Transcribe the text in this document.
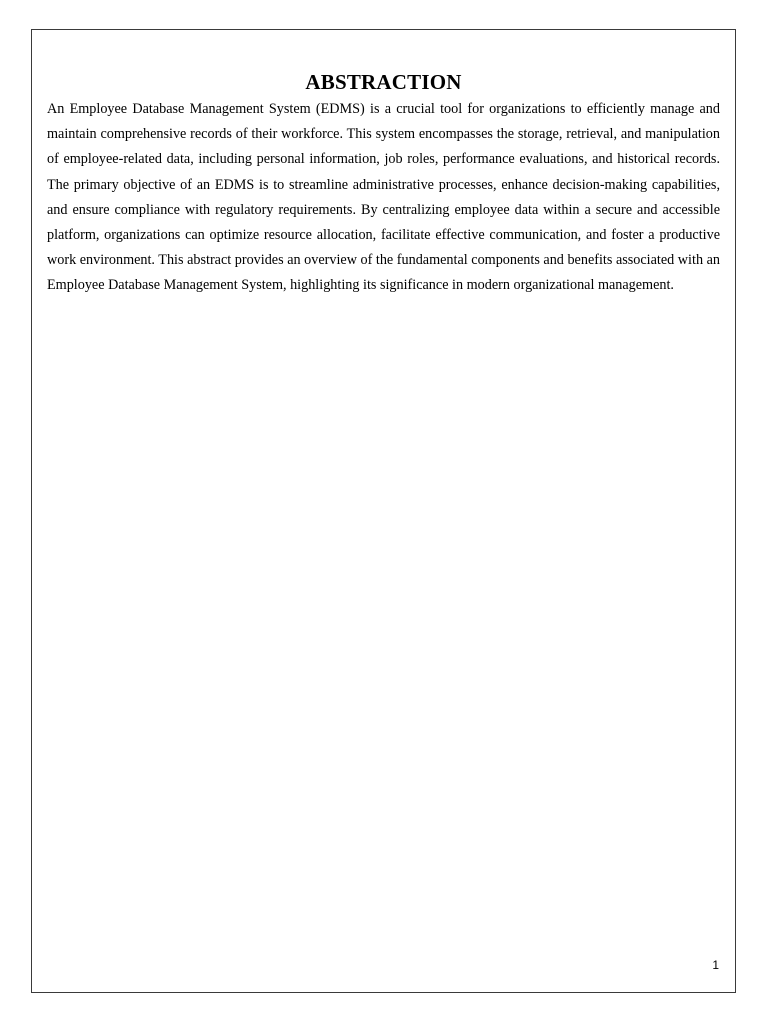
ABSTRACTION

An Employee Database Management System (EDMS) is a crucial tool for organizations to efficiently manage and maintain comprehensive records of their workforce. This system encompasses the storage, retrieval, and manipulation of employee-related data, including personal information, job roles, performance evaluations, and historical records. The primary objective of an EDMS is to streamline administrative processes, enhance decision-making capabilities, and ensure compliance with regulatory requirements. By centralizing employee data within a secure and accessible platform, organizations can optimize resource allocation, facilitate effective communication, and foster a productive work environment. This abstract provides an overview of the fundamental components and benefits associated with an Employee Database Management System, highlighting its significance in modern organizational management.

1
